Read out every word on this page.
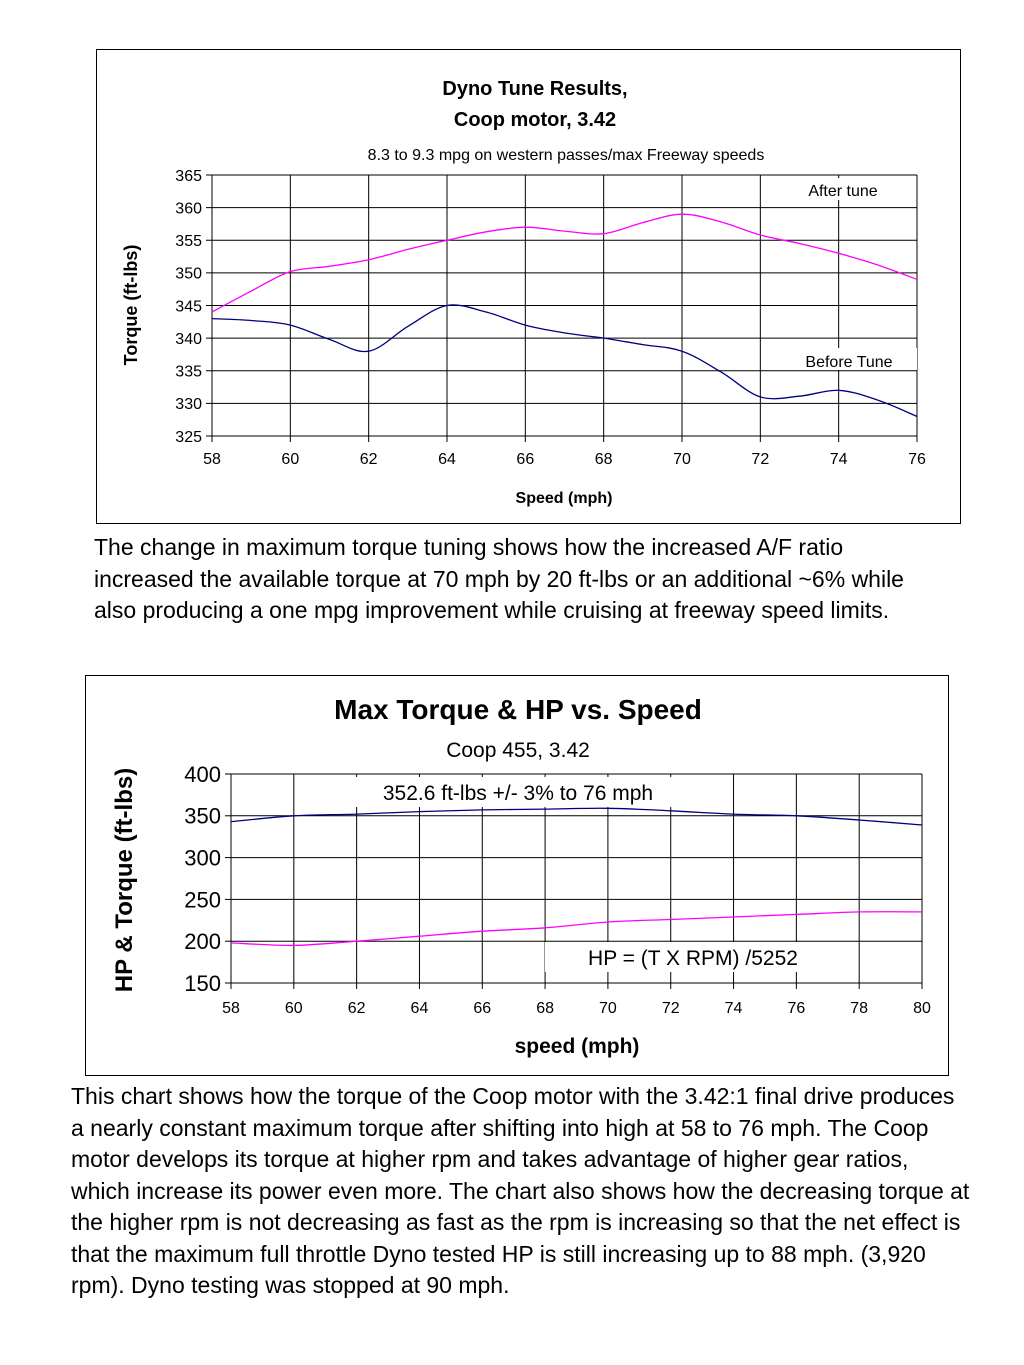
Dyno Tune Results,
Coop motor, 3.42
8.3 to 9.3 mpg on western passes/max Freeway speeds
325
330
335
340
345
350
355
360
365
58	60	62	64	66	68	70	72	74	76
After tune
Before Tune
Speed (mph)
Torque (ft-lbs)

The change in maximum torque tuning shows how the increased A/F ratio increased the available torque at 70 mph by 20 ft-lbs or an additional ~6% while also producing a one mpg improvement while cruising at freeway speed limits.

Max Torque & HP vs. Speed
Coop 455, 3.42
150
200
250
300
350
400
58	60	62	64	66	68	70	72	74	76	78	80
352.6 ft-lbs +/- 3% to 76 mph
HP = (T X RPM) /5252
speed (mph)
HP & Torque (ft-lbs)

This chart shows how the torque of the Coop motor with the 3.42:1 final drive produces a nearly constant maximum torque after shifting into high at 58 to 76 mph. The Coop motor develops its torque at higher rpm and takes advantage of higher gear ratios, which increase its power even more. The chart also shows how the decreasing torque at the higher rpm is not decreasing as fast as the rpm is increasing so that the net effect is that the maximum full throttle Dyno tested HP is still increasing up to 88 mph. (3,920 rpm). Dyno testing was stopped at 90 mph.
